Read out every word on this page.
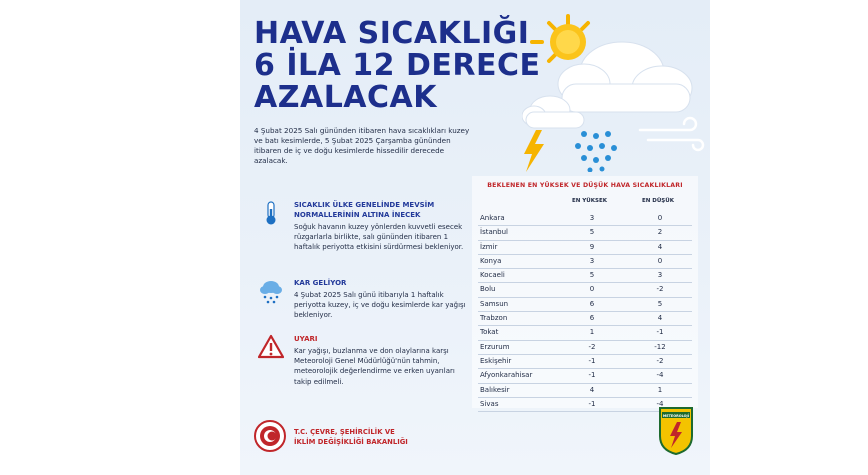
HAVA SICAKLIĞI
6 İLA 12 DERECE
AZALACAK
4 Şubat 2025 Salı gününden itibaren hava sıcaklıkları kuzey ve batı kesimlerde, 5 Şubat 2025 Çarşamba gününden itibaren de iç ve doğu kesimlerde hissedilir derecede azalacak.
SICAKLIK ÜLKE GENELİNDE MEVSİM NORMALLERİNİN ALTINA İNECEK
Soğuk havanın kuzey yönlerden kuvvetli esecek rüzgarlarla birlikte, salı gününden itibaren 1 haftalık periyotta etkisini sürdürmesi bekleniyor.
KAR GELİYOR
4 Şubat 2025 Salı günü itibarıyla 1 haftalık periyotta kuzey, iç ve doğu kesimlerde kar yağışı bekleniyor.
UYARI
Kar yağışı, buzlanma ve don olaylarına karşı Meteoroloji Genel Müdürlüğü'nün tahmin, meteorolojik değerlendirme ve erken uyarıları takip edilmeli.
BEKLENEN EN YÜKSEK VE DÜŞÜK HAVA SICAKLIKLARI
EN YÜKSEK	EN DÜŞÜK
Ankara	3	0
İstanbul	5	2
İzmir	9	4
Konya	3	0
Kocaeli	5	3
Bolu	0	-2
Samsun	6	5
Trabzon	6	4
Tokat	1	-1
Erzurum	-2	-12
Eskişehir	-1	-2
Afyonkarahisar	-1	-4
Balıkesir	4	1
Sivas	-1	-4
T.C. ÇEVRE, ŞEHİRCİLİK VE
İKLİM DEĞİŞİKLİĞİ BAKANLIĞI
METEOROLOJİ
